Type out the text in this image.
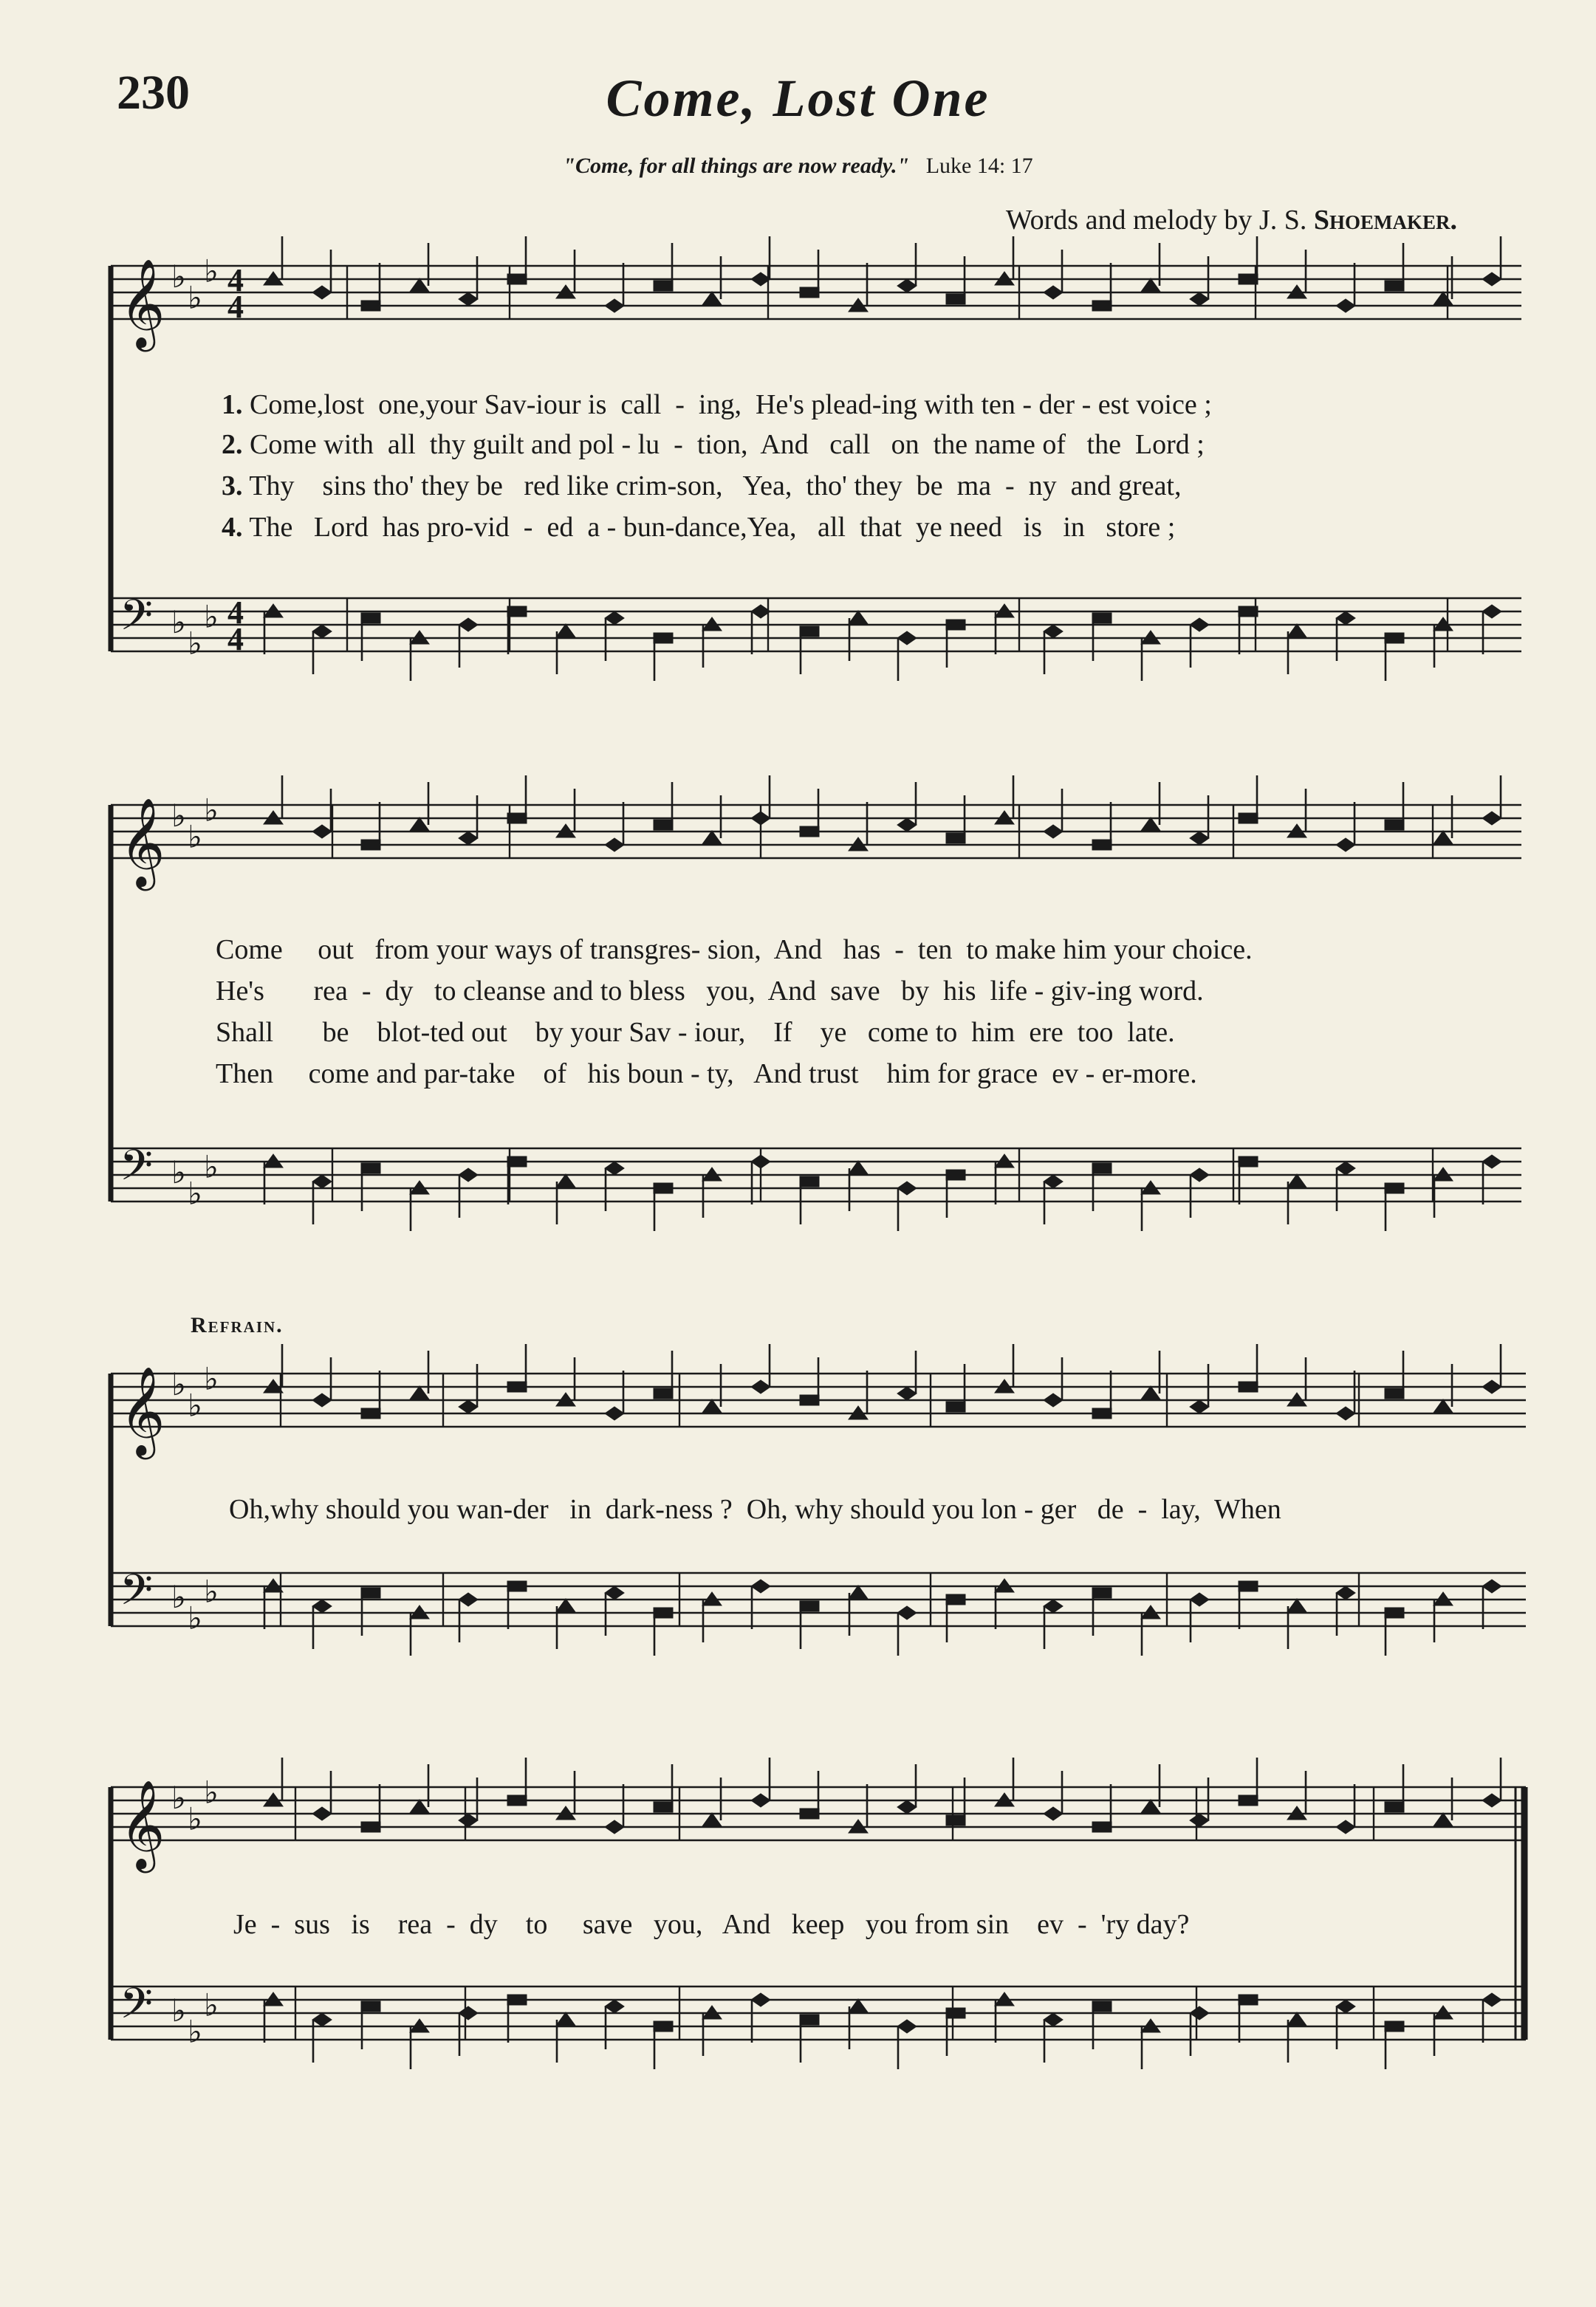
230	Come, Lost One
"Come, for all things are now ready." Luke 14: 17
Words and melody by J. S. Shoemaker.
𝄞 ♭
♭
♭ 4
4
𝄢 ♭
♭
♭ 4
4
𝄞 ♭
♭
♭
𝄢 ♭
♭
♭
𝄞 ♭
♭
♭
𝄢 ♭
♭
♭
𝄞 ♭
♭
♭
𝄢 ♭
♭
♭
1. Come,lost  one,your Sav-iour is  call  -  ing,  He's plead-ing with ten - der - est voice ;
2. Come with  all  thy guilt and pol - lu  -  tion,  And   call   on  the name of   the  Lord ;
3. Thy    sins tho' they be   red like crim-son,   Yea,  tho' they  be  ma  -  ny  and great,
4. The   Lord  has pro-vid  -  ed  a - bun-dance,Yea,   all  that  ye need   is   in   store ;
Come     out   from your ways of transgres- sion,  And   has  -  ten  to make him your choice.
He's       rea  -  dy   to cleanse and to bless   you,  And  save   by  his  life - giv-ing word.
Shall       be    blot-ted out    by your Sav - iour,    If    ye   come to  him  ere  too  late.
Then     come and par-take    of   his boun - ty,   And trust    him for grace  ev - er-more.
Refrain.
Oh,why should you wan-der   in  dark-ness ?  Oh, why should you lon - ger   de  -  lay,  When
Je  -  sus   is    rea  -  dy    to     save   you,   And   keep   you from sin    ev  -  'ry day?
